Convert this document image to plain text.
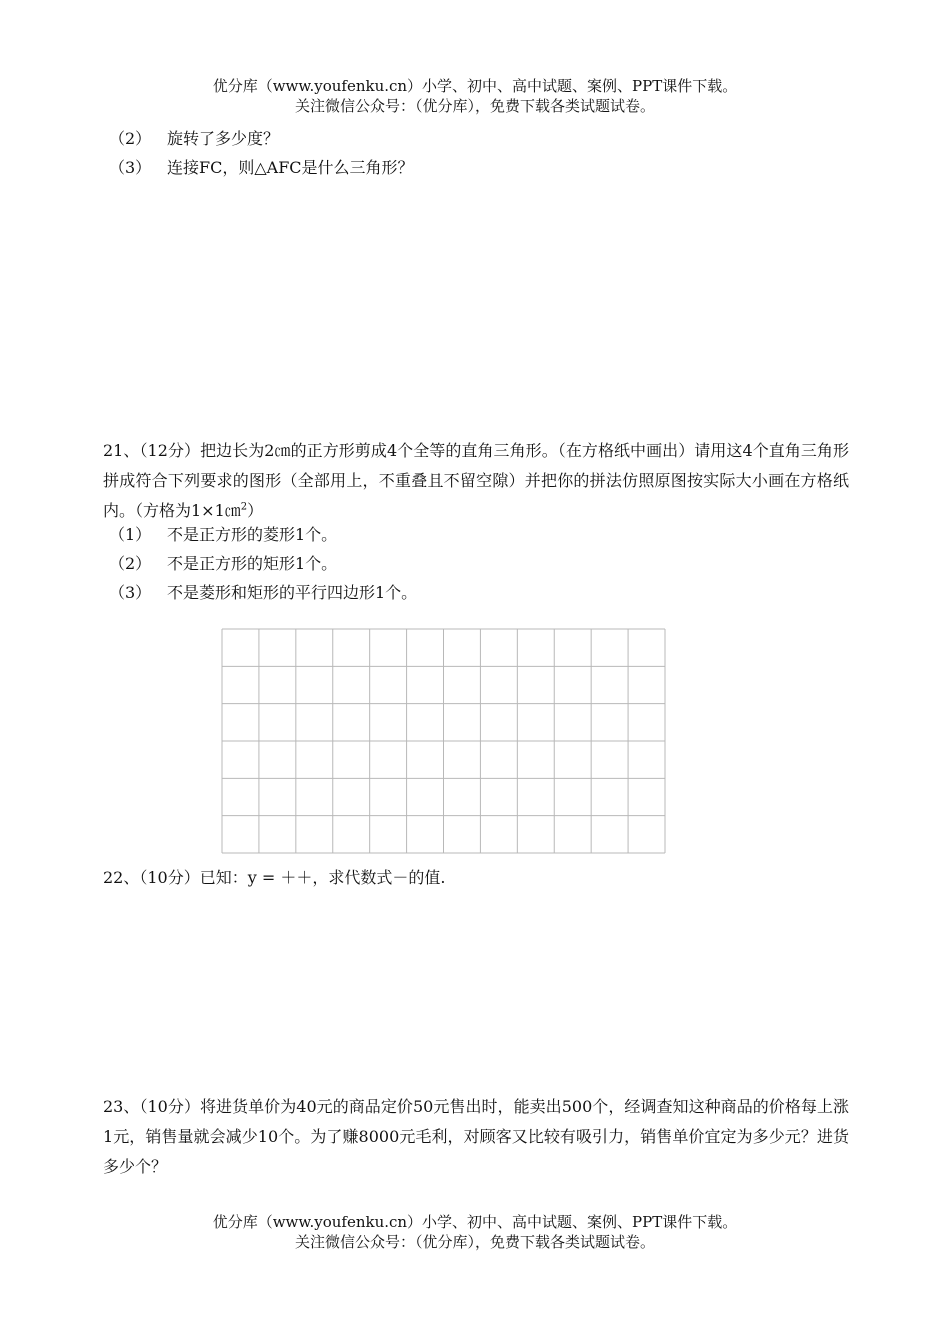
优分库（www.youfenku.cn）小学、初中、高中试题、案例、PPT课件下载。
关注微信公众号：（优分库），免费下载各类试题试卷。
（2） 旋转了多少度？
（3） 连接FC，则△AFC是什么三角形？
21、（12分）把边长为2㎝的正方形剪成4个全等的直角三角形。（在方格纸中画出）请用这4个直角三角形拼成符合下列要求的图形（全部用上，不重叠且不留空隙）并把你的拼法仿照原图按实际大小画在方格纸内。（方格为1×1㎝$^2$）
（1） 不是正方形的菱形1个。
（2） 不是正方形的矩形1个。
（3） 不是菱形和矩形的平行四边形1个。
22、（10分）已知：y = ＋＋，求代数式－的值.
23、（10分）将进货单价为40元的商品定价50元售出时，能卖出500个，经调查知这种商品的价格每上涨1元，销售量就会减少10个。为了赚8000元毛利，对顾客又比较有吸引力，销售单价宜定为多少元？进货多少个？
优分库（www.youfenku.cn）小学、初中、高中试题、案例、PPT课件下载。
关注微信公众号：（优分库），免费下载各类试题试卷。
